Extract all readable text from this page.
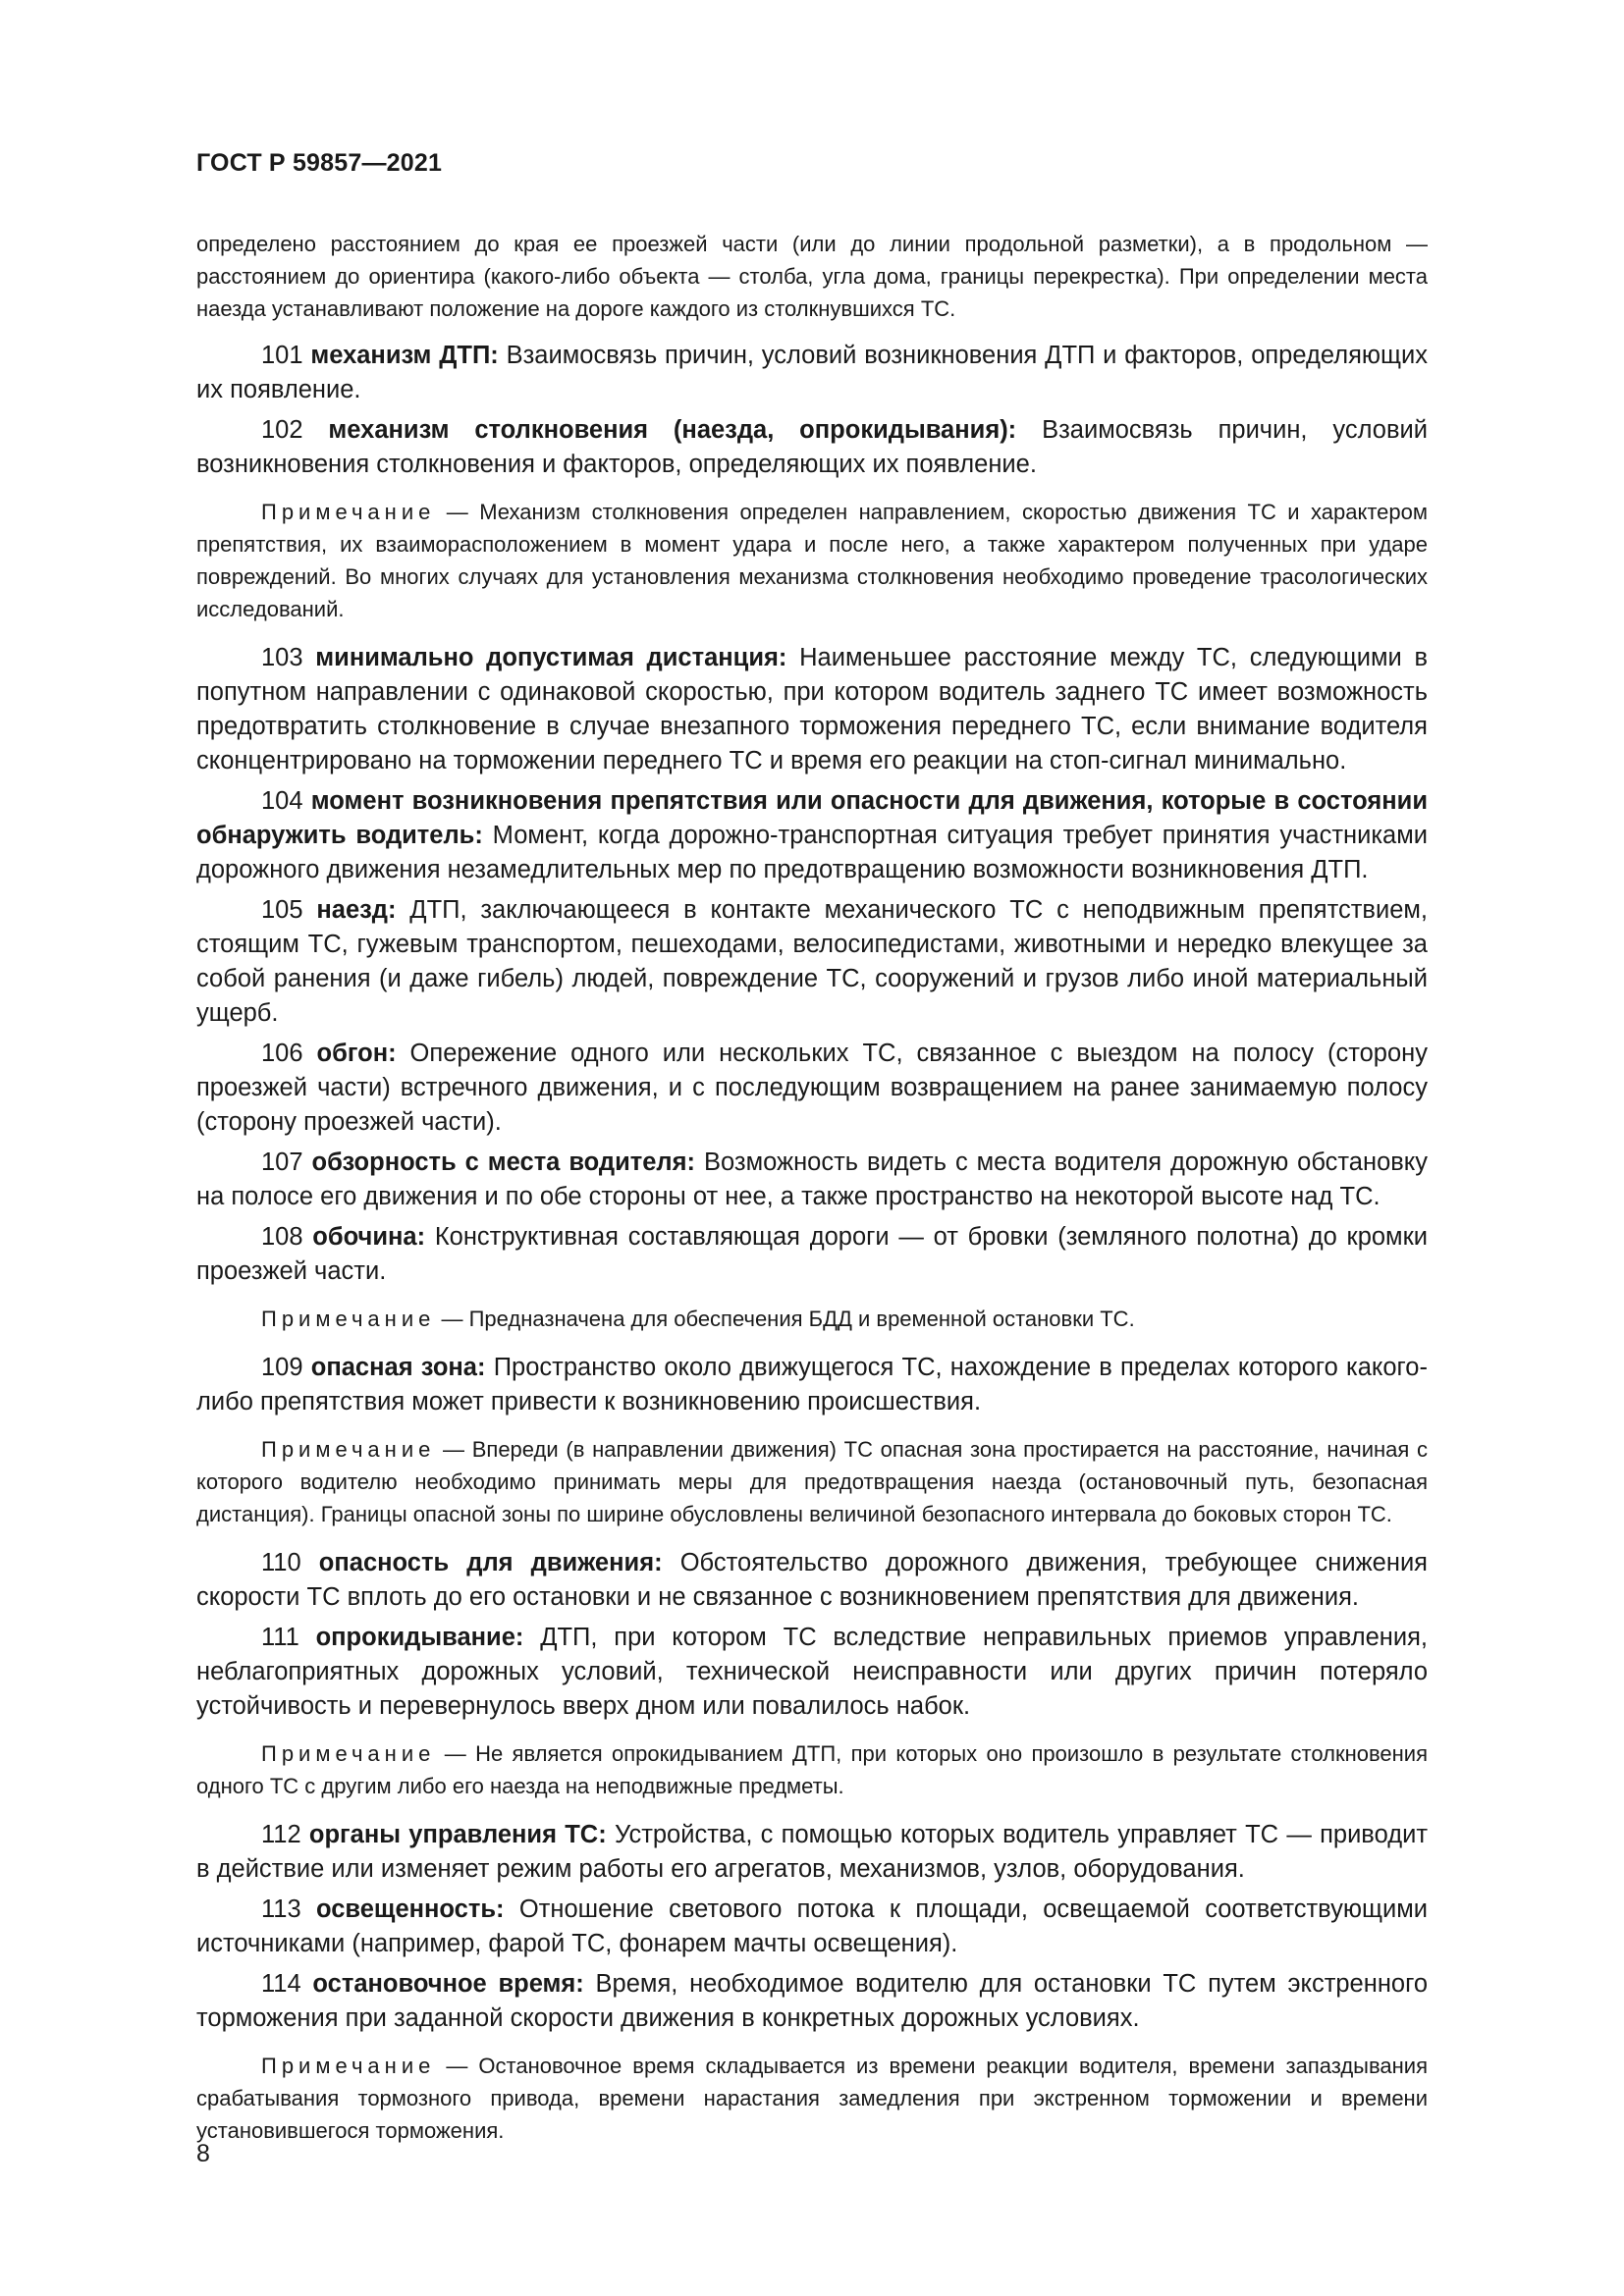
ГОСТ Р 59857—2021

определено расстоянием до края ее проезжей части (или до линии продольной разметки), а в продольном — расстоянием до ориентира (какого-либо объекта — столба, угла дома, границы перекрестка). При определении места наезда устанавливают положение на дороге каждого из столкнувшихся ТС.

101 механизм ДТП: Взаимосвязь причин, условий возникновения ДТП и факторов, определяющих их появление.

102 механизм столкновения (наезда, опрокидывания): Взаимосвязь причин, условий возникновения столкновения и факторов, определяющих их появление.

Примечание — Механизм столкновения определен направлением, скоростью движения ТС и характером препятствия, их взаиморасположением в момент удара и после него, а также характером полученных при ударе повреждений. Во многих случаях для установления механизма столкновения необходимо проведение трасологических исследований.

103 минимально допустимая дистанция: Наименьшее расстояние между ТС, следующими в попутном направлении с одинаковой скоростью, при котором водитель заднего ТС имеет возможность предотвратить столкновение в случае внезапного торможения переднего ТС, если внимание водителя сконцентрировано на торможении переднего ТС и время его реакции на стоп-сигнал минимально.

104 момент возникновения препятствия или опасности для движения, которые в состоянии обнаружить водитель: Момент, когда дорожно-транспортная ситуация требует принятия участниками дорожного движения незамедлительных мер по предотвращению возможности возникновения ДТП.

105 наезд: ДТП, заключающееся в контакте механического ТС с неподвижным препятствием, стоящим ТС, гужевым транспортом, пешеходами, велосипедистами, животными и нередко влекущее за собой ранения (и даже гибель) людей, повреждение ТС, сооружений и грузов либо иной материальный ущерб.

106 обгон: Опережение одного или нескольких ТС, связанное с выездом на полосу (сторону проезжей части) встречного движения, и с последующим возвращением на ранее занимаемую полосу (сторону проезжей части).

107 обзорность с места водителя: Возможность видеть с места водителя дорожную обстановку на полосе его движения и по обе стороны от нее, а также пространство на некоторой высоте над ТС.

108 обочина: Конструктивная составляющая дороги — от бровки (земляного полотна) до кромки проезжей части.

Примечание — Предназначена для обеспечения БДД и временной остановки ТС.

109 опасная зона: Пространство около движущегося ТС, нахождение в пределах которого какого-либо препятствия может привести к возникновению происшествия.

Примечание — Впереди (в направлении движения) ТС опасная зона простирается на расстояние, начиная с которого водителю необходимо принимать меры для предотвращения наезда (остановочный путь, безопасная дистанция). Границы опасной зоны по ширине обусловлены величиной безопасного интервала до боковых сторон ТС.

110 опасность для движения: Обстоятельство дорожного движения, требующее снижения скорости ТС вплоть до его остановки и не связанное с возникновением препятствия для движения.

111 опрокидывание: ДТП, при котором ТС вследствие неправильных приемов управления, неблагоприятных дорожных условий, технической неисправности или других причин потеряло устойчивость и перевернулось вверх дном или повалилось набок.

Примечание — Не является опрокидыванием ДТП, при которых оно произошло в результате столкновения одного ТС с другим либо его наезда на неподвижные предметы.

112 органы управления ТС: Устройства, с помощью которых водитель управляет ТС — приводит в действие или изменяет режим работы его агрегатов, механизмов, узлов, оборудования.

113 освещенность: Отношение светового потока к площади, освещаемой соответствующими источниками (например, фарой ТС, фонарем мачты освещения).

114 остановочное время: Время, необходимое водителю для остановки ТС путем экстренного торможения при заданной скорости движения в конкретных дорожных условиях.

Примечание — Остановочное время складывается из времени реакции водителя, времени запаздывания срабатывания тормозного привода, времени нарастания замедления при экстренном торможении и времени установившегося торможения.

8
